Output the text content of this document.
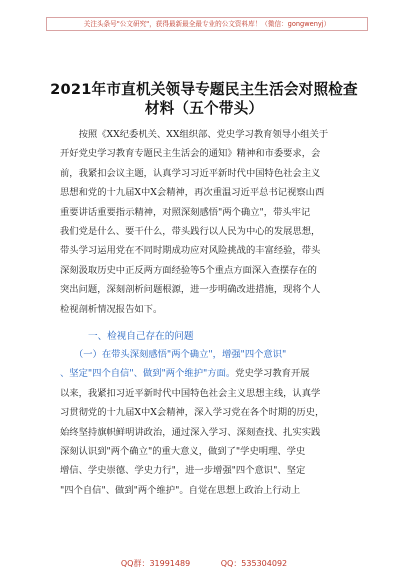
关注头条号"公文研究"，获得最新最全最专业的公文资料库！（微信：gongwenyj）
2021年市直机关领导专题民主生活会对照检查
材料（五个带头）
　　按照《XX纪委机关、XX组织部、党史学习教育领导小组关于
开好党史学习教育专题民主生活会的通知》精神和市委要求，会
前，我紧扣会议主题，认真学习习近平新时代中国特色社会主义
思想和党的十九届X中X会精神，再次重温习近平总书记视察山西
重要讲话重要指示精神，对照深刻感悟"两个确立"，带头牢记
我们党是什么、要干什么，带头践行以人民为中心的发展思想，
带头学习运用党在不同时期成功应对风险挑战的丰富经验，带头
深刻汲取历史中正反两方面经验等5个重点方面深入查摆存在的
突出问题，深刻剖析问题根源，进一步明确改进措施，现将个人
检视剖析情况报告如下。
一、检视自己存在的问题
　　（一）在带头深刻感悟"两个确立"，增强"四个意识"
、坚定"四个自信"、做到"两个维护"方面。党史学习教育开展
以来，我紧扣习近平新时代中国特色社会主义思想主线，认真学
习贯彻党的十九届X中X会精神，深入学习党在各个时期的历史，
始终坚持旗帜鲜明讲政治，通过深入学习、深刻查找、扎实实践
深刻认识到"两个确立"的重大意义，做到了"学史明理、学史
增信、学史崇德、学史力行"，进一步增强"四个意识"、坚定
"四个自信"、做到"两个维护"。自觉在思想上政治上行动上
QQ群：31991489	QQ：535304092
